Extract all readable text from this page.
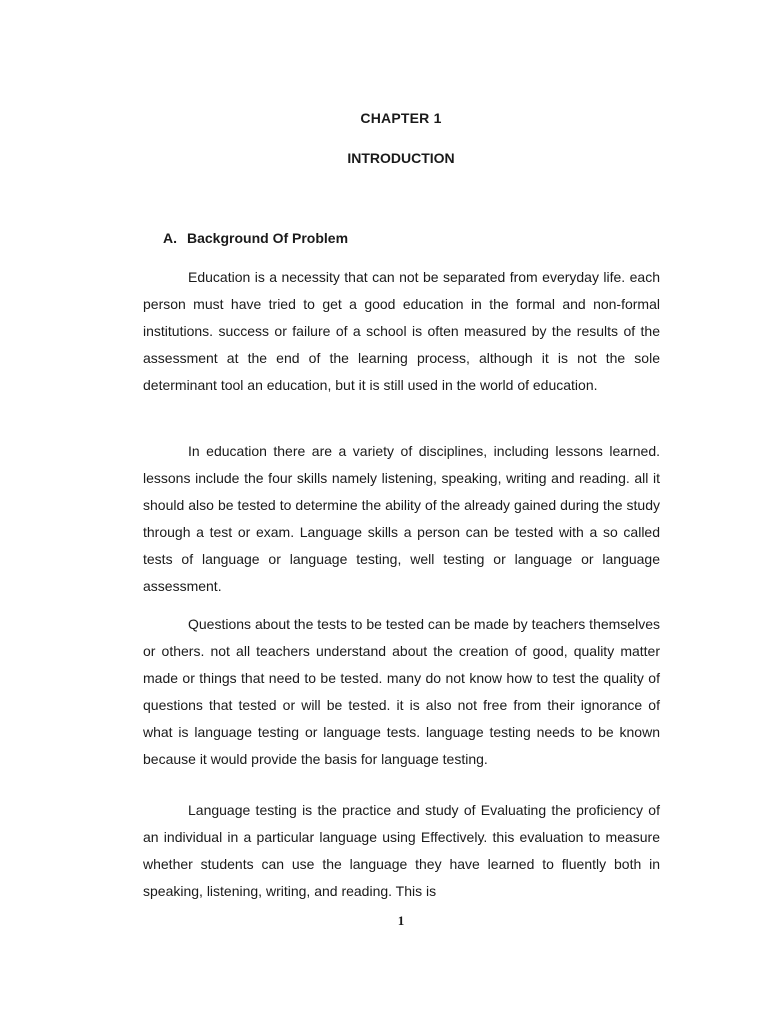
CHAPTER 1
INTRODUCTION
A. Background Of Problem

Education is a necessity that can not be separated from everyday life. each person must have tried to get a good education in the formal and non-formal institutions. success or failure of a school is often measured by the results of the assessment at the end of the learning process, although it is not the sole determinant tool an education, but it is still used in the world of education.

In education there are a variety of disciplines, including lessons learned. lessons include the four skills namely listening, speaking, writing and reading. all it should also be tested to determine the ability of the already gained during the study through a test or exam. Language skills a person can be tested with a so called tests of language or language testing, well testing or language or language assessment.

Questions about the tests to be tested can be made by teachers themselves or others. not all teachers understand about the creation of good, quality matter made or things that need to be tested. many do not know how to test the quality of questions that tested or will be tested. it is also not free from their ignorance of what is language testing or language tests. language testing needs to be known because it would provide the basis for language testing.

Language testing is the practice and study of Evaluating the proficiency of an individual in a particular language using Effectively. this evaluation to measure whether students can use the language they have learned to fluently both in speaking, listening, writing, and reading. This is

1
